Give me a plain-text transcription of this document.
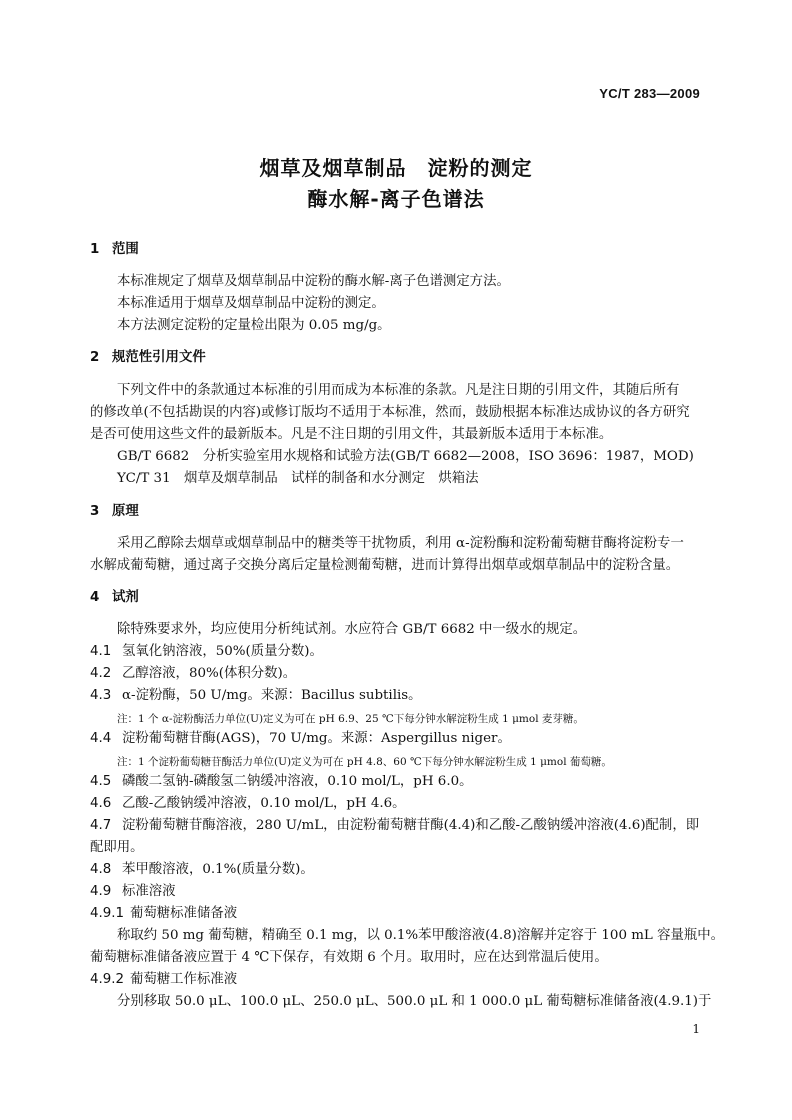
YC/T 283—2009
烟草及烟草制品　淀粉的测定
酶水解-离子色谱法
1 范围
本标准规定了烟草及烟草制品中淀粉的酶水解-离子色谱测定方法。
本标准适用于烟草及烟草制品中淀粉的测定。
本方法测定淀粉的定量检出限为 0.05 mg/g。
2 规范性引用文件
下列文件中的条款通过本标准的引用而成为本标准的条款。凡是注日期的引用文件，其随后所有
的修改单(不包括勘误的内容)或修订版均不适用于本标准，然而，鼓励根据本标准达成协议的各方研究
是否可使用这些文件的最新版本。凡是不注日期的引用文件，其最新版本适用于本标准。
GB/T 6682　分析实验室用水规格和试验方法(GB/T 6682—2008，ISO 3696：1987，MOD)
YC/T 31　烟草及烟草制品　试样的制备和水分测定　烘箱法
3 原理
采用乙醇除去烟草或烟草制品中的糖类等干扰物质，利用 α-淀粉酶和淀粉葡萄糖苷酶将淀粉专一
水解成葡萄糖，通过离子交换分离后定量检测葡萄糖，进而计算得出烟草或烟草制品中的淀粉含量。
4 试剂
除特殊要求外，均应使用分析纯试剂。水应符合 GB/T 6682 中一级水的规定。
4.1 氢氧化钠溶液，50%(质量分数)。
4.2 乙醇溶液，80%(体积分数)。
4.3 α-淀粉酶，50 U/mg。来源：Bacillus subtilis。
注：1 个 α-淀粉酶活力单位(U)定义为可在 pH 6.9、25 ℃下每分钟水解淀粉生成 1 μmol 麦芽糖。
4.4 淀粉葡萄糖苷酶(AGS)，70 U/mg。来源：Aspergillus niger。
注：1 个淀粉葡萄糖苷酶活力单位(U)定义为可在 pH 4.8、60 ℃下每分钟水解淀粉生成 1 μmol 葡萄糖。
4.5 磷酸二氢钠-磷酸氢二钠缓冲溶液，0.10 mol/L，pH 6.0。
4.6 乙酸-乙酸钠缓冲溶液，0.10 mol/L，pH 4.6。
4.7 淀粉葡萄糖苷酶溶液，280 U/mL，由淀粉葡萄糖苷酶(4.4)和乙酸-乙酸钠缓冲溶液(4.6)配制，即
配即用。
4.8 苯甲酸溶液，0.1%(质量分数)。
4.9 标准溶液
4.9.1 葡萄糖标准储备液
称取约 50 mg 葡萄糖，精确至 0.1 mg，以 0.1%苯甲酸溶液(4.8)溶解并定容于 100 mL 容量瓶中。
葡萄糖标准储备液应置于 4 ℃下保存，有效期 6 个月。取用时，应在达到常温后使用。
4.9.2 葡萄糖工作标准液
分别移取 50.0 μL、100.0 μL、250.0 μL、500.0 μL 和 1 000.0 μL 葡萄糖标准储备液(4.9.1)于
1
